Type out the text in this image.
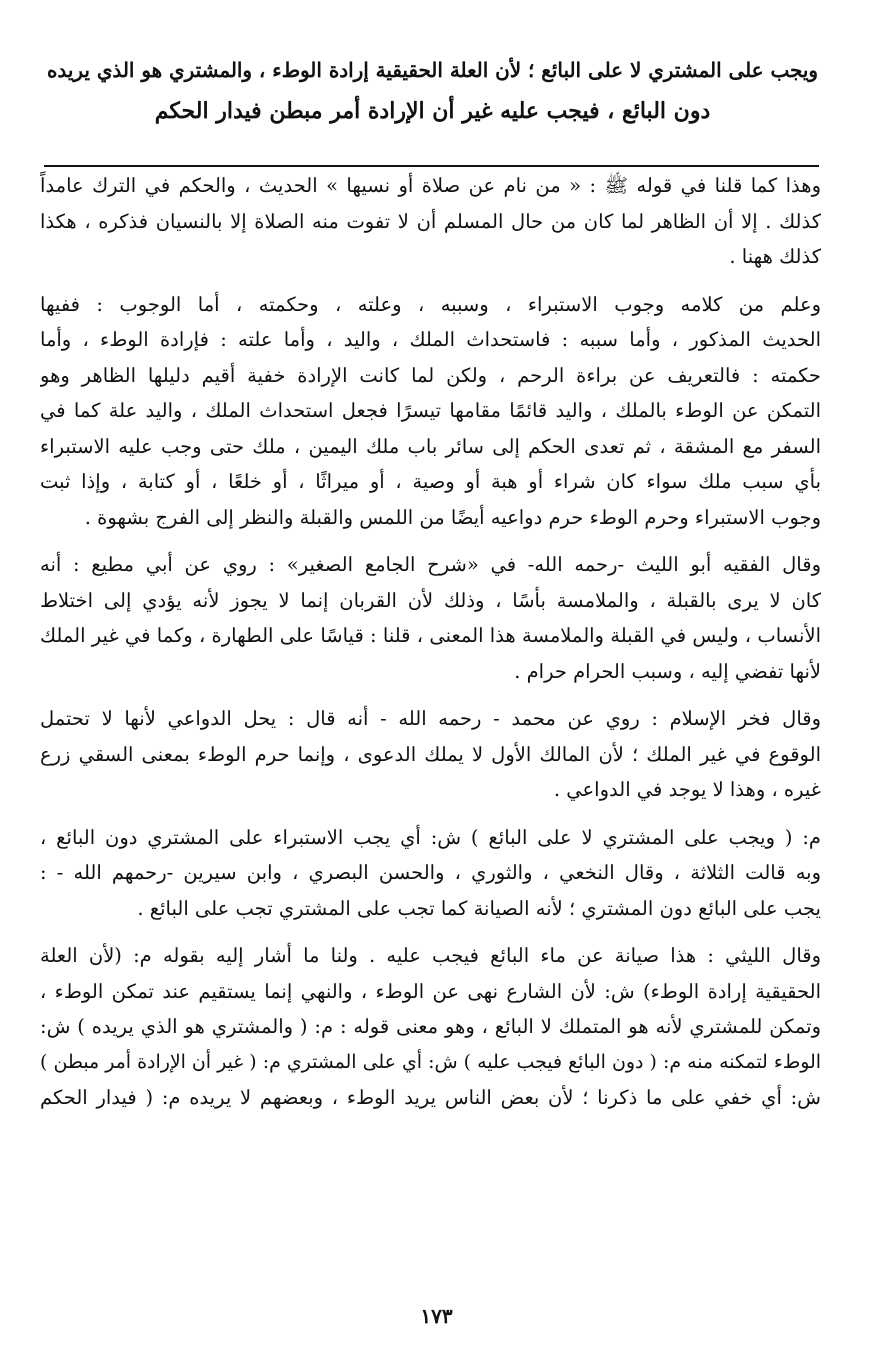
ويجب على المشتري لا على البائع ؛ لأن العلة الحقيقية إرادة الوطء ، والمشتري هو الذي يريده
دون البائع ، فيجب عليه غير أن الإرادة أمر مبطن فيدار الحكم
وهذا كما قلنا في قوله ﷺ : « من نام عن صلاة أو نسيها » الحديث ، والحكم في الترك عامداً
كذلك . إلا أن الظاهر لما كان من حال المسلم أن لا تفوت منه الصلاة إلا بالنسيان فذكره ، هكذا
كذلك ههنا .
وعلم من كلامه وجوب الاستبراء ، وسببه ، وعلته ، وحكمته ، أما الوجوب : ففيها
الحديث المذكور ، وأما سببه : فاستحداث الملك ، واليد ، وأما علته : فإرادة الوطء ، وأما
حكمته : فالتعريف عن براءة الرحم ، ولكن لما كانت الإرادة خفية أقيم دليلها الظاهر وهو
التمكن عن الوطء بالملك ، واليد قائمًا مقامها تيسرًا فجعل استحداث الملك ، واليد علة كما في
السفر مع المشقة ، ثم تعدى الحكم إلى سائر باب ملك اليمين ، ملك حتى وجب عليه الاستبراء
بأي سبب ملك سواء كان شراء أو هبة أو وصية ، أو ميراثًا ، أو خلعًا ، أو كتابة ، وإذا ثبت
وجوب الاستبراء وحرم الوطء حرم دواعيه أيضًا من اللمس والقبلة والنظر إلى الفرج بشهوة .
وقال الفقيه أبو الليث -رحمه الله- في «شرح الجامع الصغير» : روي عن أبي مطيع : أنه
كان لا يرى بالقبلة ، والملامسة بأسًا ، وذلك لأن القربان إنما لا يجوز لأنه يؤدي إلى اختلاط
الأنساب ، وليس في القبلة والملامسة هذا المعنى ، قلنا : قياسًا على الطهارة ، وكما في غير الملك
لأنها تفضي إليه ، وسبب الحرام حرام .
وقال فخر الإسلام : روي عن محمد - رحمه الله - أنه قال : يحل الدواعي لأنها لا تحتمل
الوقوع في غير الملك ؛ لأن المالك الأول لا يملك الدعوى ، وإنما حرم الوطء بمعنى السقي زرع
غيره ، وهذا لا يوجد في الدواعي .
م: ( ويجب على المشتري لا على البائع ) ش: أي يجب الاستبراء على المشتري دون البائع ،
وبه قالت الثلاثة ، وقال النخعي ، والثوري ، والحسن البصري ، وابن سيرين -رحمهم الله - :
يجب على البائع دون المشتري ؛ لأنه الصيانة كما تجب على المشتري تجب على البائع .
وقال الليثي : هذا صيانة عن ماء البائع فيجب عليه . ولنا ما أشار إليه بقوله م: (لأن العلة
الحقيقية إرادة الوطء) ش: لأن الشارع نهى عن الوطء ، والنهي إنما يستقيم عند تمكن الوطء ،
وتمكن للمشتري لأنه هو المتملك لا البائع ، وهو معنى قوله : م: ( والمشتري هو الذي يريده ) ش:
الوطء لتمكنه منه م: ( دون البائع فيجب عليه ) ش: أي على المشتري م: ( غير أن الإرادة أمر مبطن )
ش: أي خفي على ما ذكرنا ؛ لأن بعض الناس يريد الوطء ، وبعضهم لا يريده م: ( فيدار الحكم
١٧٣
